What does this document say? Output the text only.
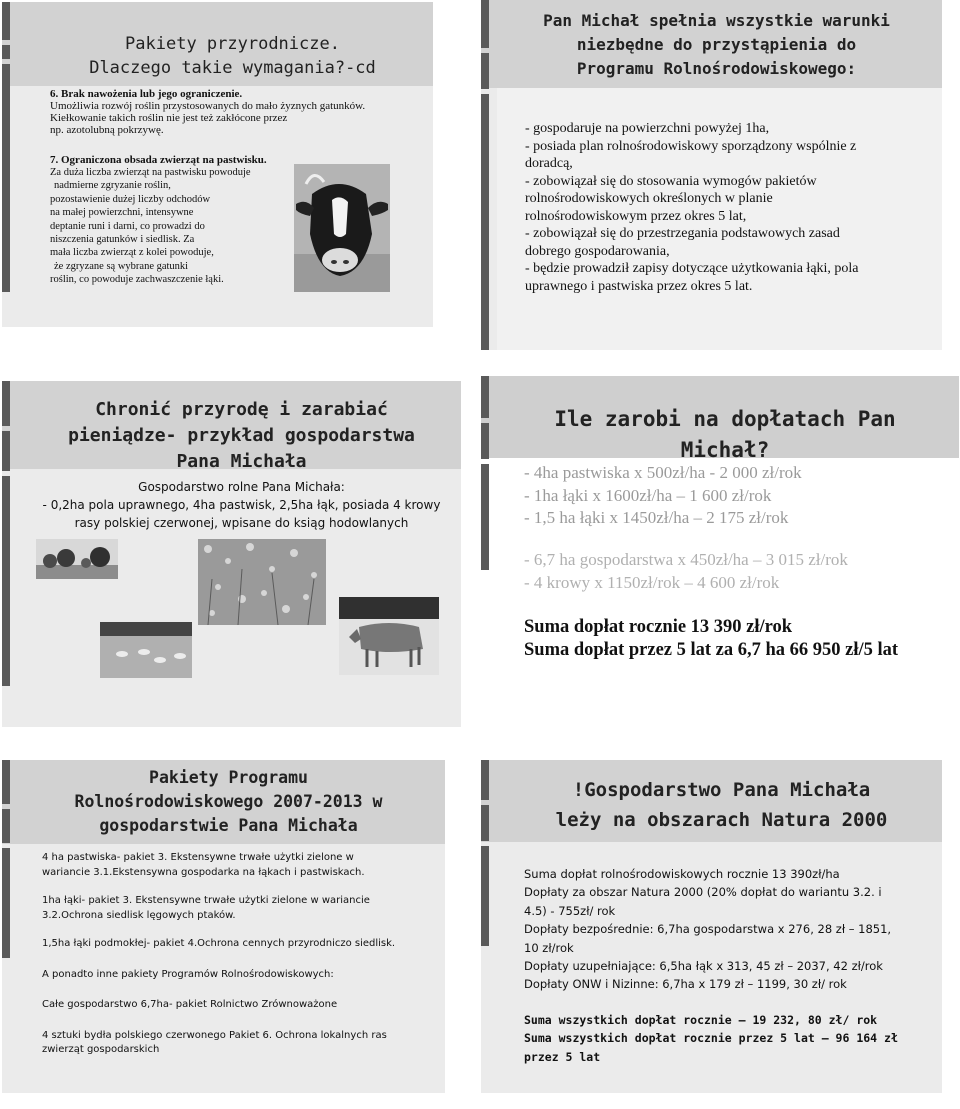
Pakiety przyrodnicze.
Dlaczego takie wymagania?-cd
6. Brak nawożenia lub jego ograniczenie.
Umożliwia rozwój roślin przystosowanych do mało żyznych gatunków.
Kiełkowanie takich roślin nie jest też zakłócone przez
np. azotolubną pokrzywę.
7. Ograniczona obsada zwierząt na pastwisku.
Za duża liczba zwierząt na pastwisku powoduje
nadmierne zgryzanie roślin,
pozostawienie dużej liczby odchodów
na małej powierzchni, intensywne
deptanie runi i darni, co prowadzi do
niszczenia gatunków i siedlisk. Za
mała liczba zwierząt z kolei powoduje,
że zgryzane są wybrane gatunki
roślin, co powoduje zachwaszczenie łąki.
Pan Michał spełnia wszystkie warunki
niezbędne do przystąpienia do
Programu Rolnośrodowiskowego:
- gospodaruje na powierzchni powyżej 1ha,
- posiada plan rolnośrodowiskowy sporządzony wspólnie z
doradcą,
- zobowiązał się do stosowania wymogów pakietów
rolnośrodowiskowych określonych w planie
rolnośrodowiskowym przez okres 5 lat,
- zobowiązał się do przestrzegania podstawowych zasad
dobrego gospodarowania,
- będzie prowadził zapisy dotyczące użytkowania łąki, pola
uprawnego i pastwiska przez okres 5 lat.
Chronić przyrodę i zarabiać
pieniądze- przykład gospodarstwa
Pana Michała
Gospodarstwo rolne Pana Michała:
- 0,2ha pola uprawnego, 4ha pastwisk, 2,5ha łąk, posiada 4 krowy
rasy polskiej czerwonej, wpisane do ksiąg hodowlanych
Ile zarobi na dopłatach Pan
Michał?
- 4ha pastwiska x 500zł/ha - 2 000 zł/rok
- 1ha łąki x 1600zł/ha – 1 600 zł/rok
- 1,5 ha łąki x 1450zł/ha – 2 175 zł/rok
- 6,7 ha gospodarstwa x 450zł/ha – 3 015 zł/rok
- 4 krowy x 1150zł/rok – 4 600 zł/rok
Suma dopłat rocznie 13 390 zł/rok
Suma dopłat przez 5 lat za 6,7 ha 66 950 zł/5 lat
Pakiety Programu
Rolnośrodowiskowego 2007-2013 w
gospodarstwie Pana Michała
4 ha pastwiska- pakiet 3. Ekstensywne trwałe użytki zielone w
wariancie 3.1.Ekstensywna gospodarka na łąkach i pastwiskach.
1ha łąki- pakiet 3. Ekstensywne trwałe użytki zielone w wariancie
3.2.Ochrona siedlisk lęgowych ptaków.
1,5ha łąki podmokłej- pakiet 4.Ochrona cennych przyrodniczo siedlisk.
A ponadto inne pakiety Programów Rolnośrodowiskowych:
Całe gospodarstwo 6,7ha- pakiet Rolnictwo Zrównoważone
4 sztuki bydła polskiego czerwonego Pakiet 6. Ochrona lokalnych ras
zwierząt gospodarskich
!Gospodarstwo Pana Michała
leży na obszarach Natura 2000
Suma dopłat rolnośrodowiskowych rocznie 13 390zł/ha
Dopłaty za obszar Natura 2000 (20% dopłat do wariantu 3.2. i
4.5) - 755zł/ rok
Dopłaty bezpośrednie: 6,7ha gospodarstwa x 276, 28 zł – 1851,
10 zł/rok
Dopłaty uzupełniające: 6,5ha łąk x 313, 45 zł – 2037, 42 zł/rok
Dopłaty ONW i Nizinne: 6,7ha x 179 zł – 1199, 30 zł/ rok
Suma wszystkich dopłat rocznie – 19 232, 80 zł/ rok
Suma wszystkich dopłat rocznie przez 5 lat – 96 164 zł
przez 5 lat
